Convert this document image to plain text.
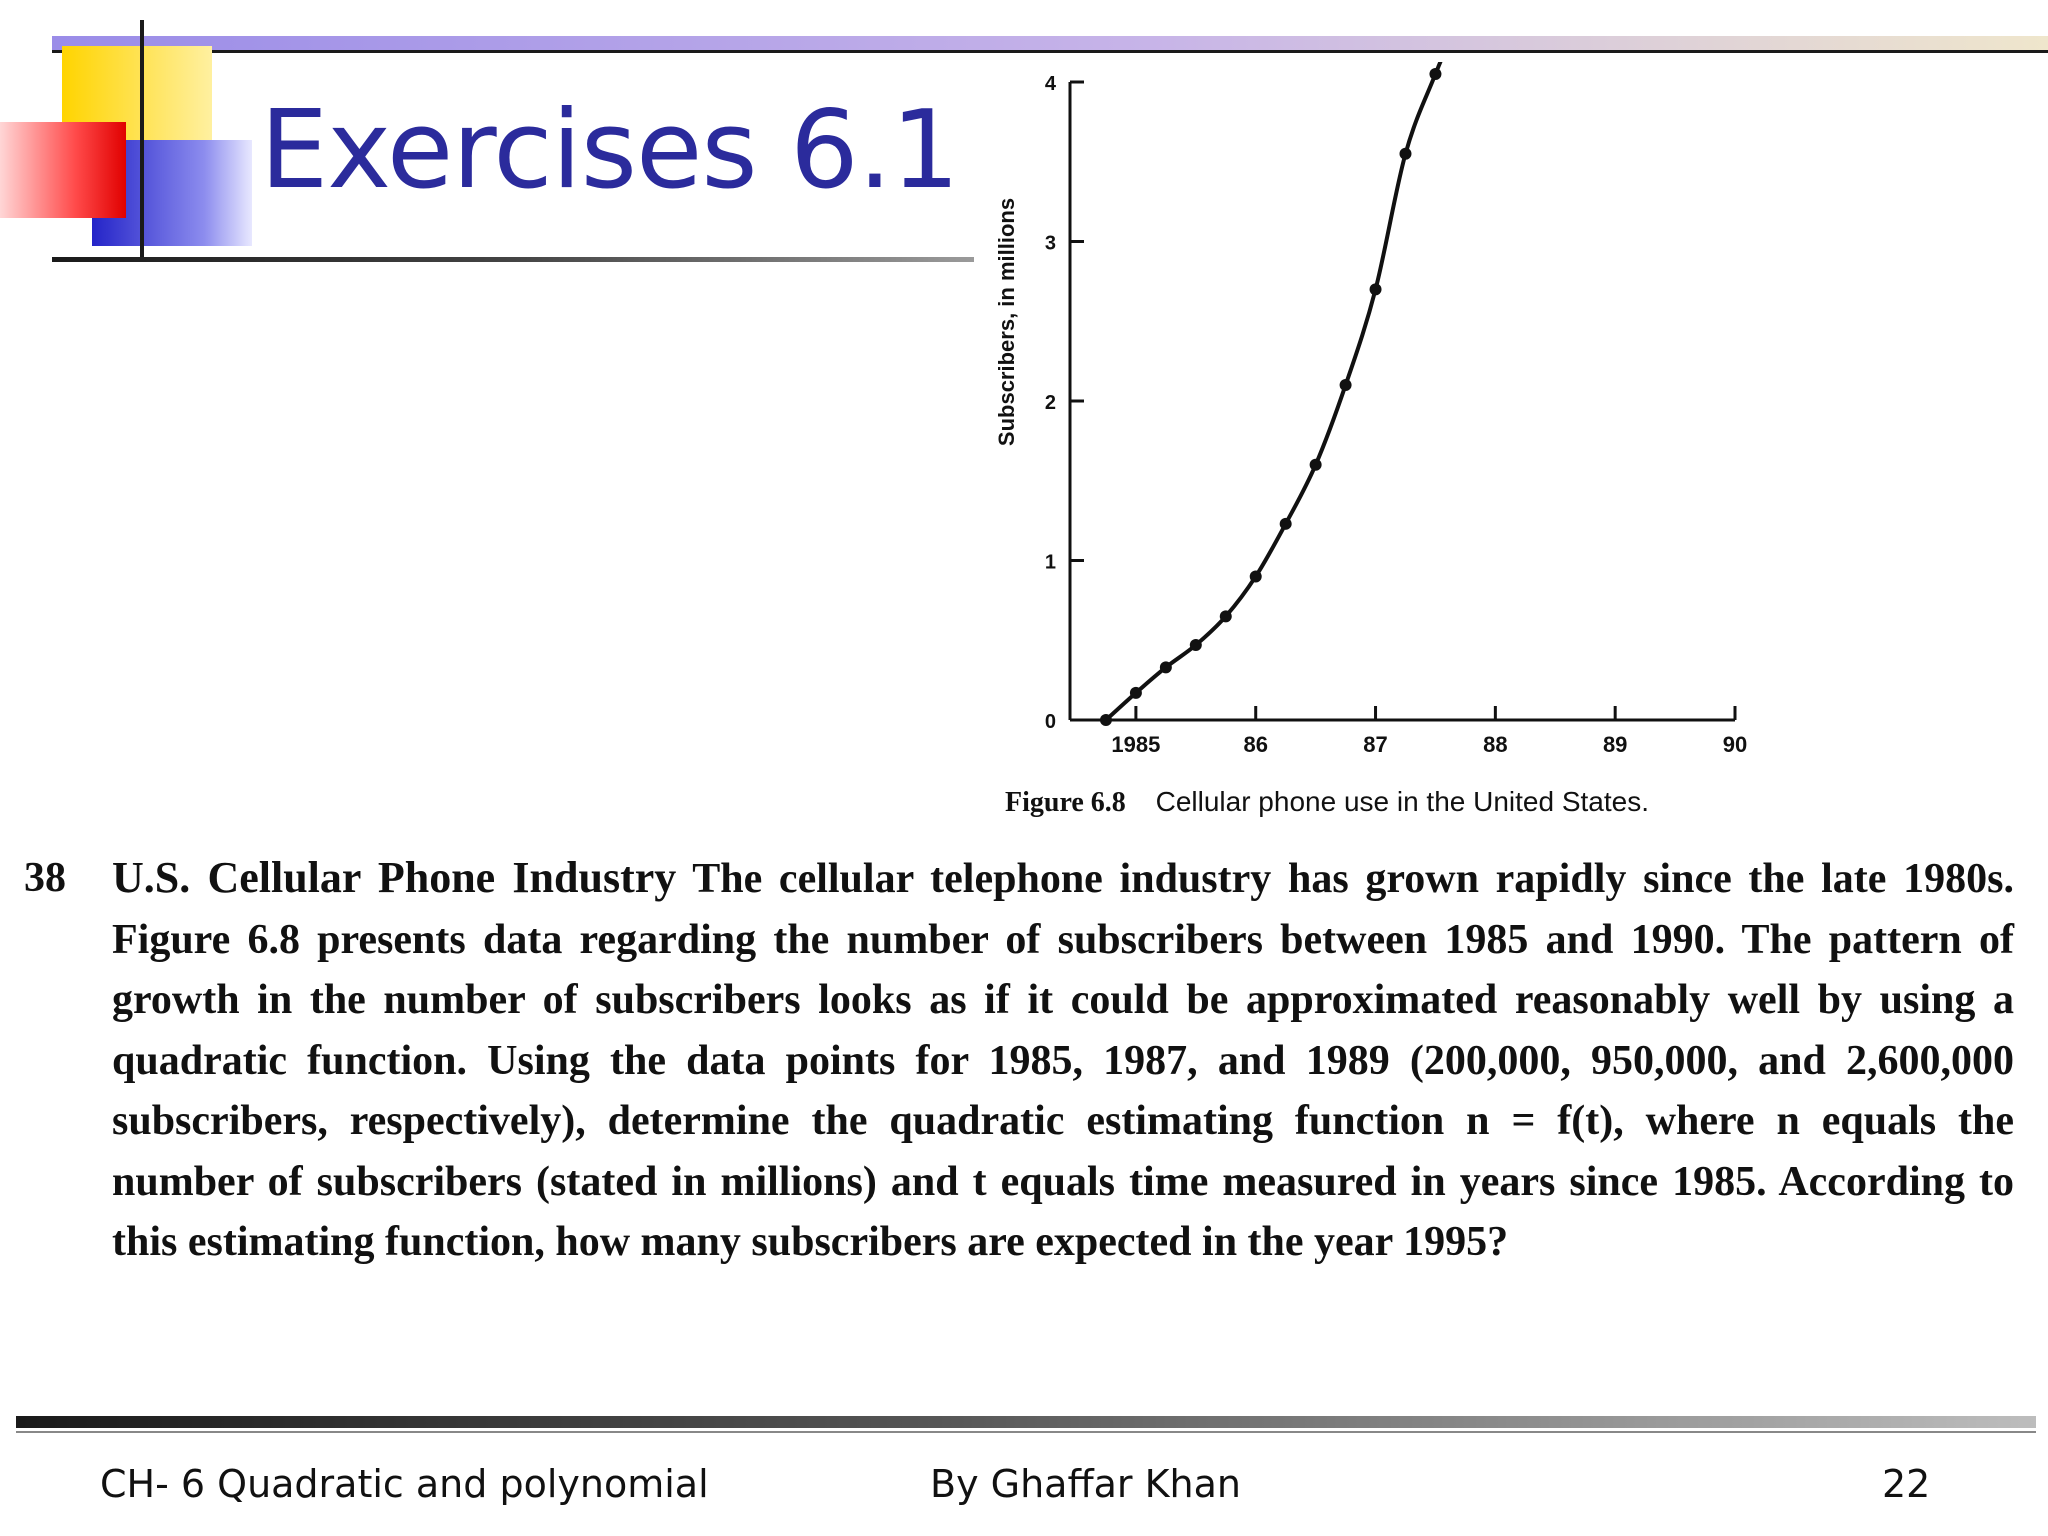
Exercises 6.1
0
1
2
3
4
1985	86	87	88	89	90
Subscribers, in millions
Figure 6.8 Cellular phone use in the United States.
38 U.S. Cellular Phone Industry The cellular telephone industry has grown rapidly since the late 1980s. Figure 6.8 presents data regarding the number of subscribers between 1985 and 1990. The pattern of growth in the number of subscribers looks as if it could be approximated reasonably well by using a quadratic function. Using the data points for 1985, 1987, and 1989 (200,000, 950,000, and 2,600,000 subscribers, respectively), determine the quadratic estimating function n = f(t), where n equals the number of subscribers (stated in millions) and t equals time measured in years since 1985. According to this estimating function, how many subscribers are expected in the year 1995?
CH- 6 Quadratic and polynomial	By Ghaffar Khan	22
